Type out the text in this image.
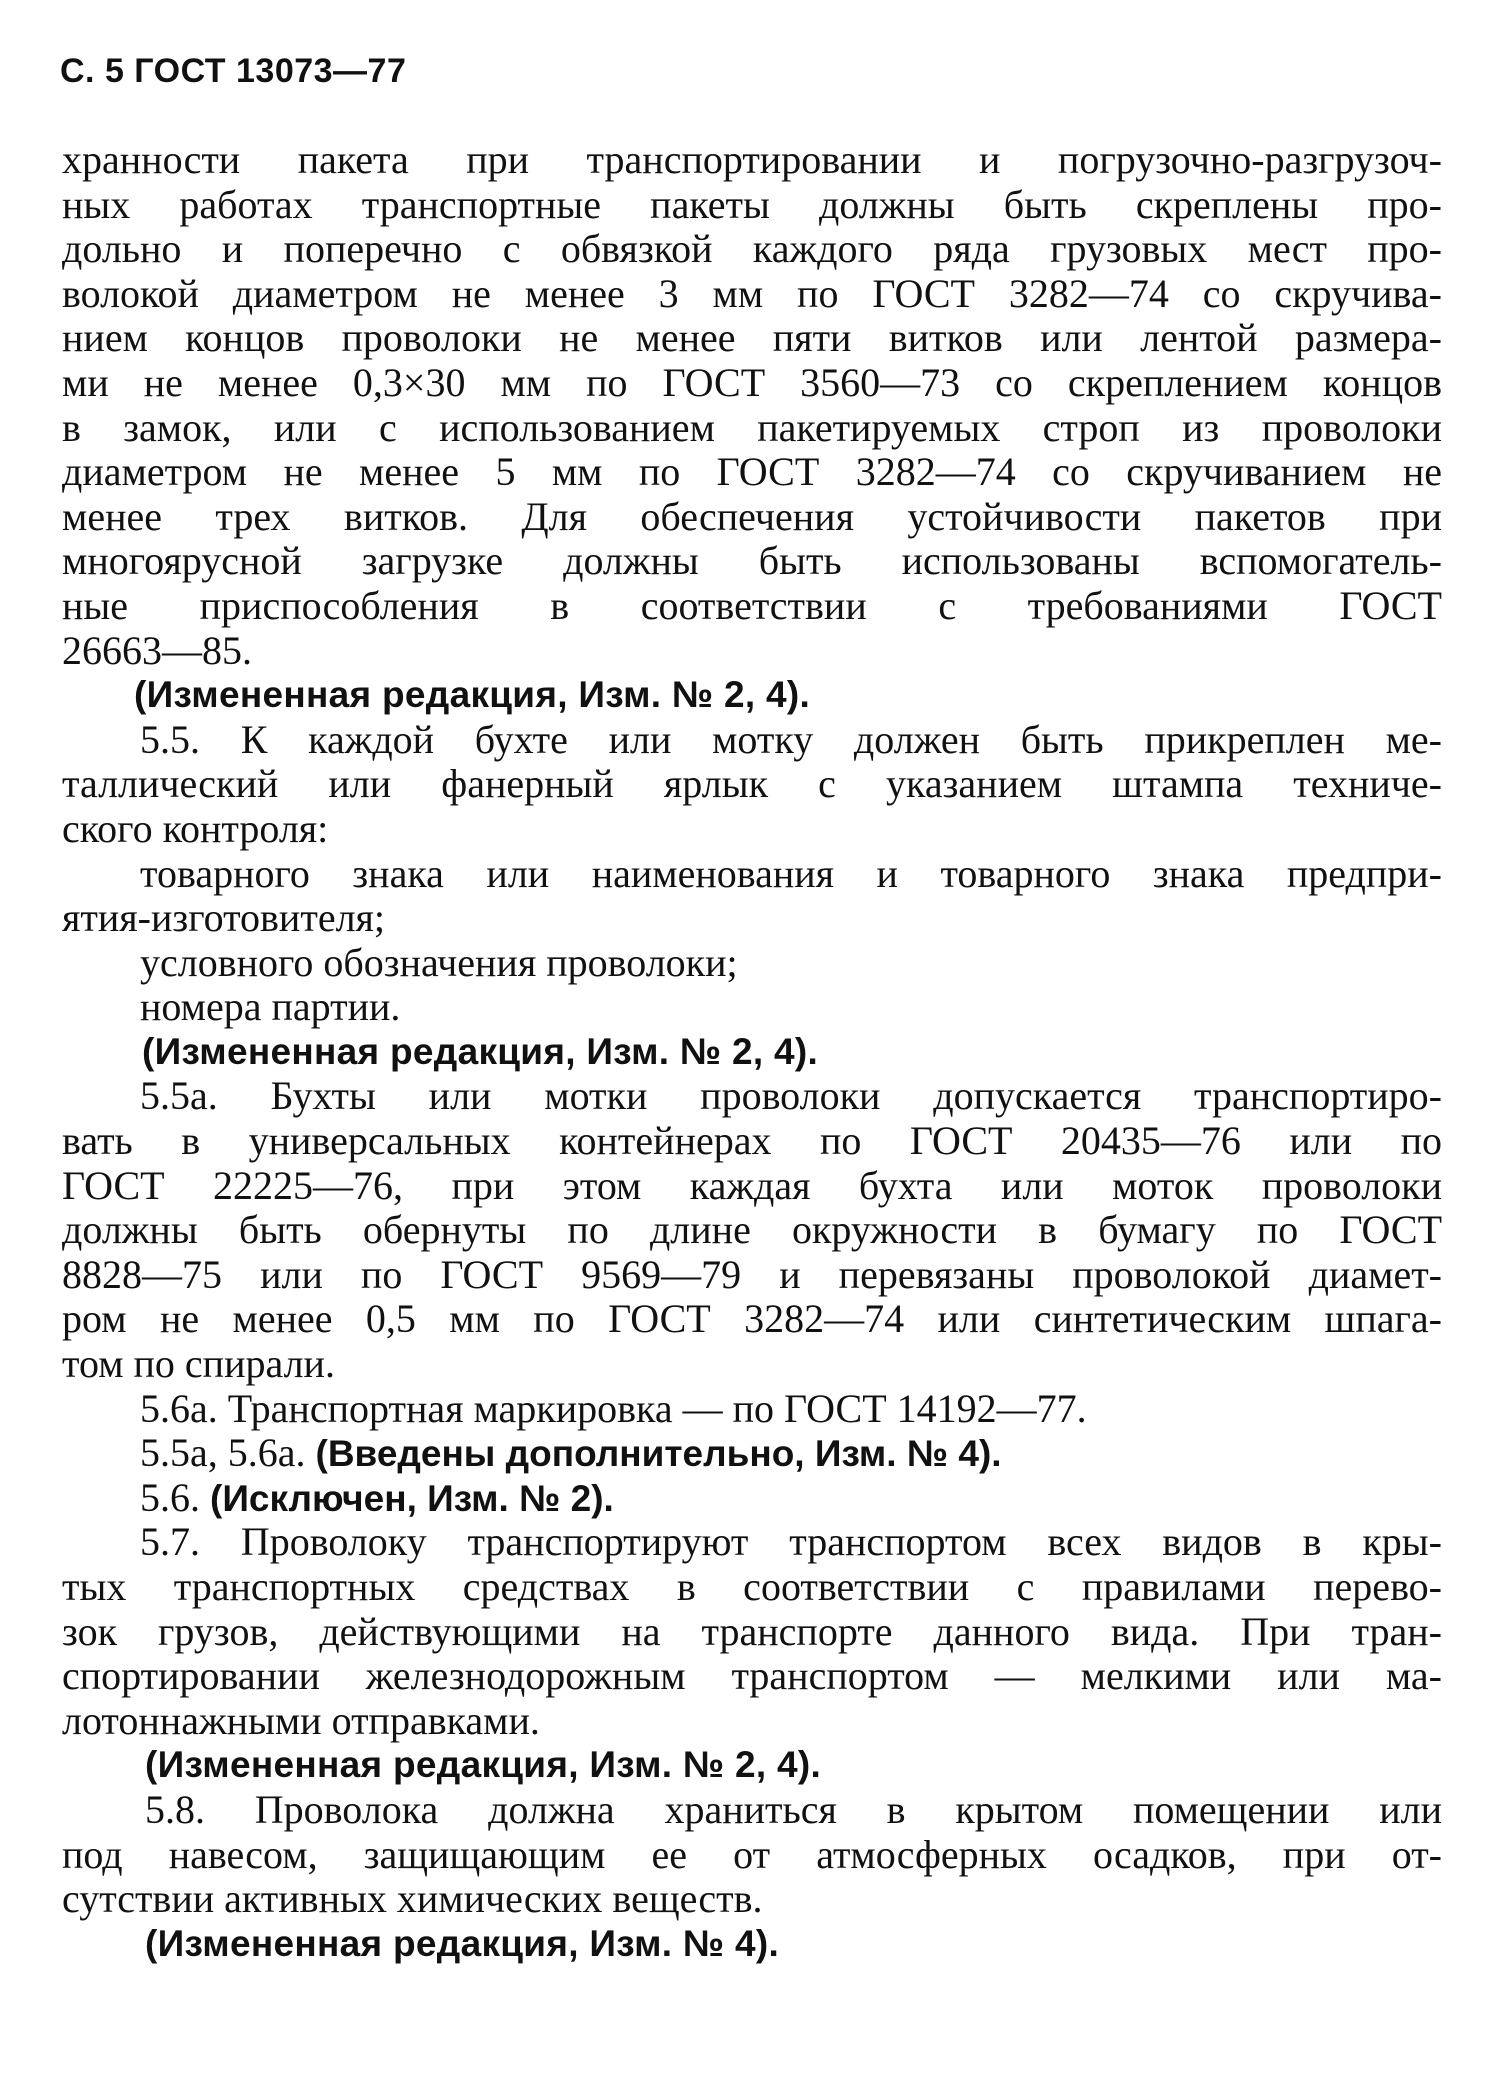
С. 5 ГОСТ 13073—77
хранности пакета при транспортировании и погрузочно-разгрузоч-
ных работах транспортные пакеты должны быть скреплены про-
дольно и поперечно с обвязкой каждого ряда грузовых мест про-
волокой диаметром не менее 3 мм по ГОСТ 3282—74 со скручива-
нием концов проволоки не менее пяти витков или лентой размера-
ми не менее 0,3×30 мм по ГОСТ 3560—73 со скреплением концов
в замок, или с использованием пакетируемых строп из проволоки
диаметром не менее 5 мм по ГОСТ 3282—74 со скручиванием не
менее трех витков. Для обеспечения устойчивости пакетов при
многоярусной загрузке должны быть использованы вспомогатель-
ные приспособления в соответствии с требованиями ГОСТ
26663—85.
(Измененная редакция, Изм. № 2, 4).
5.5. К каждой бухте или мотку должен быть прикреплен ме-
таллический или фанерный ярлык с указанием штампа техниче-
ского контроля:
товарного знака или наименования и товарного знака предпри-
ятия-изготовителя;
условного обозначения проволоки;
номера партии.
(Измененная редакция, Изм. № 2, 4).
5.5а. Бухты или мотки проволоки допускается транспортиро-
вать в универсальных контейнерах по ГОСТ 20435—76 или по
ГОСТ 22225—76, при этом каждая бухта или моток проволоки
должны быть обернуты по длине окружности в бумагу по ГОСТ
8828—75 или по ГОСТ 9569—79 и перевязаны проволокой диамет-
ром не менее 0,5 мм по ГОСТ 3282—74 или синтетическим шпага-
том по спирали.
5.6а. Транспортная маркировка — по ГОСТ 14192—77.
5.5а, 5.6а. (Введены дополнительно, Изм. № 4).
5.6. (Исключен, Изм. № 2).
5.7. Проволоку транспортируют транспортом всех видов в кры-
тых транспортных средствах в соответствии с правилами перево-
зок грузов, действующими на транспорте данного вида. При тран-
спортировании железнодорожным транспортом — мелкими или ма-
лотоннажными отправками.
(Измененная редакция, Изм. № 2, 4).
5.8. Проволока должна храниться в крытом помещении или
под навесом, защищающим ее от атмосферных осадков, при от-
сутствии активных химических веществ.
(Измененная редакция, Изм. № 4).
